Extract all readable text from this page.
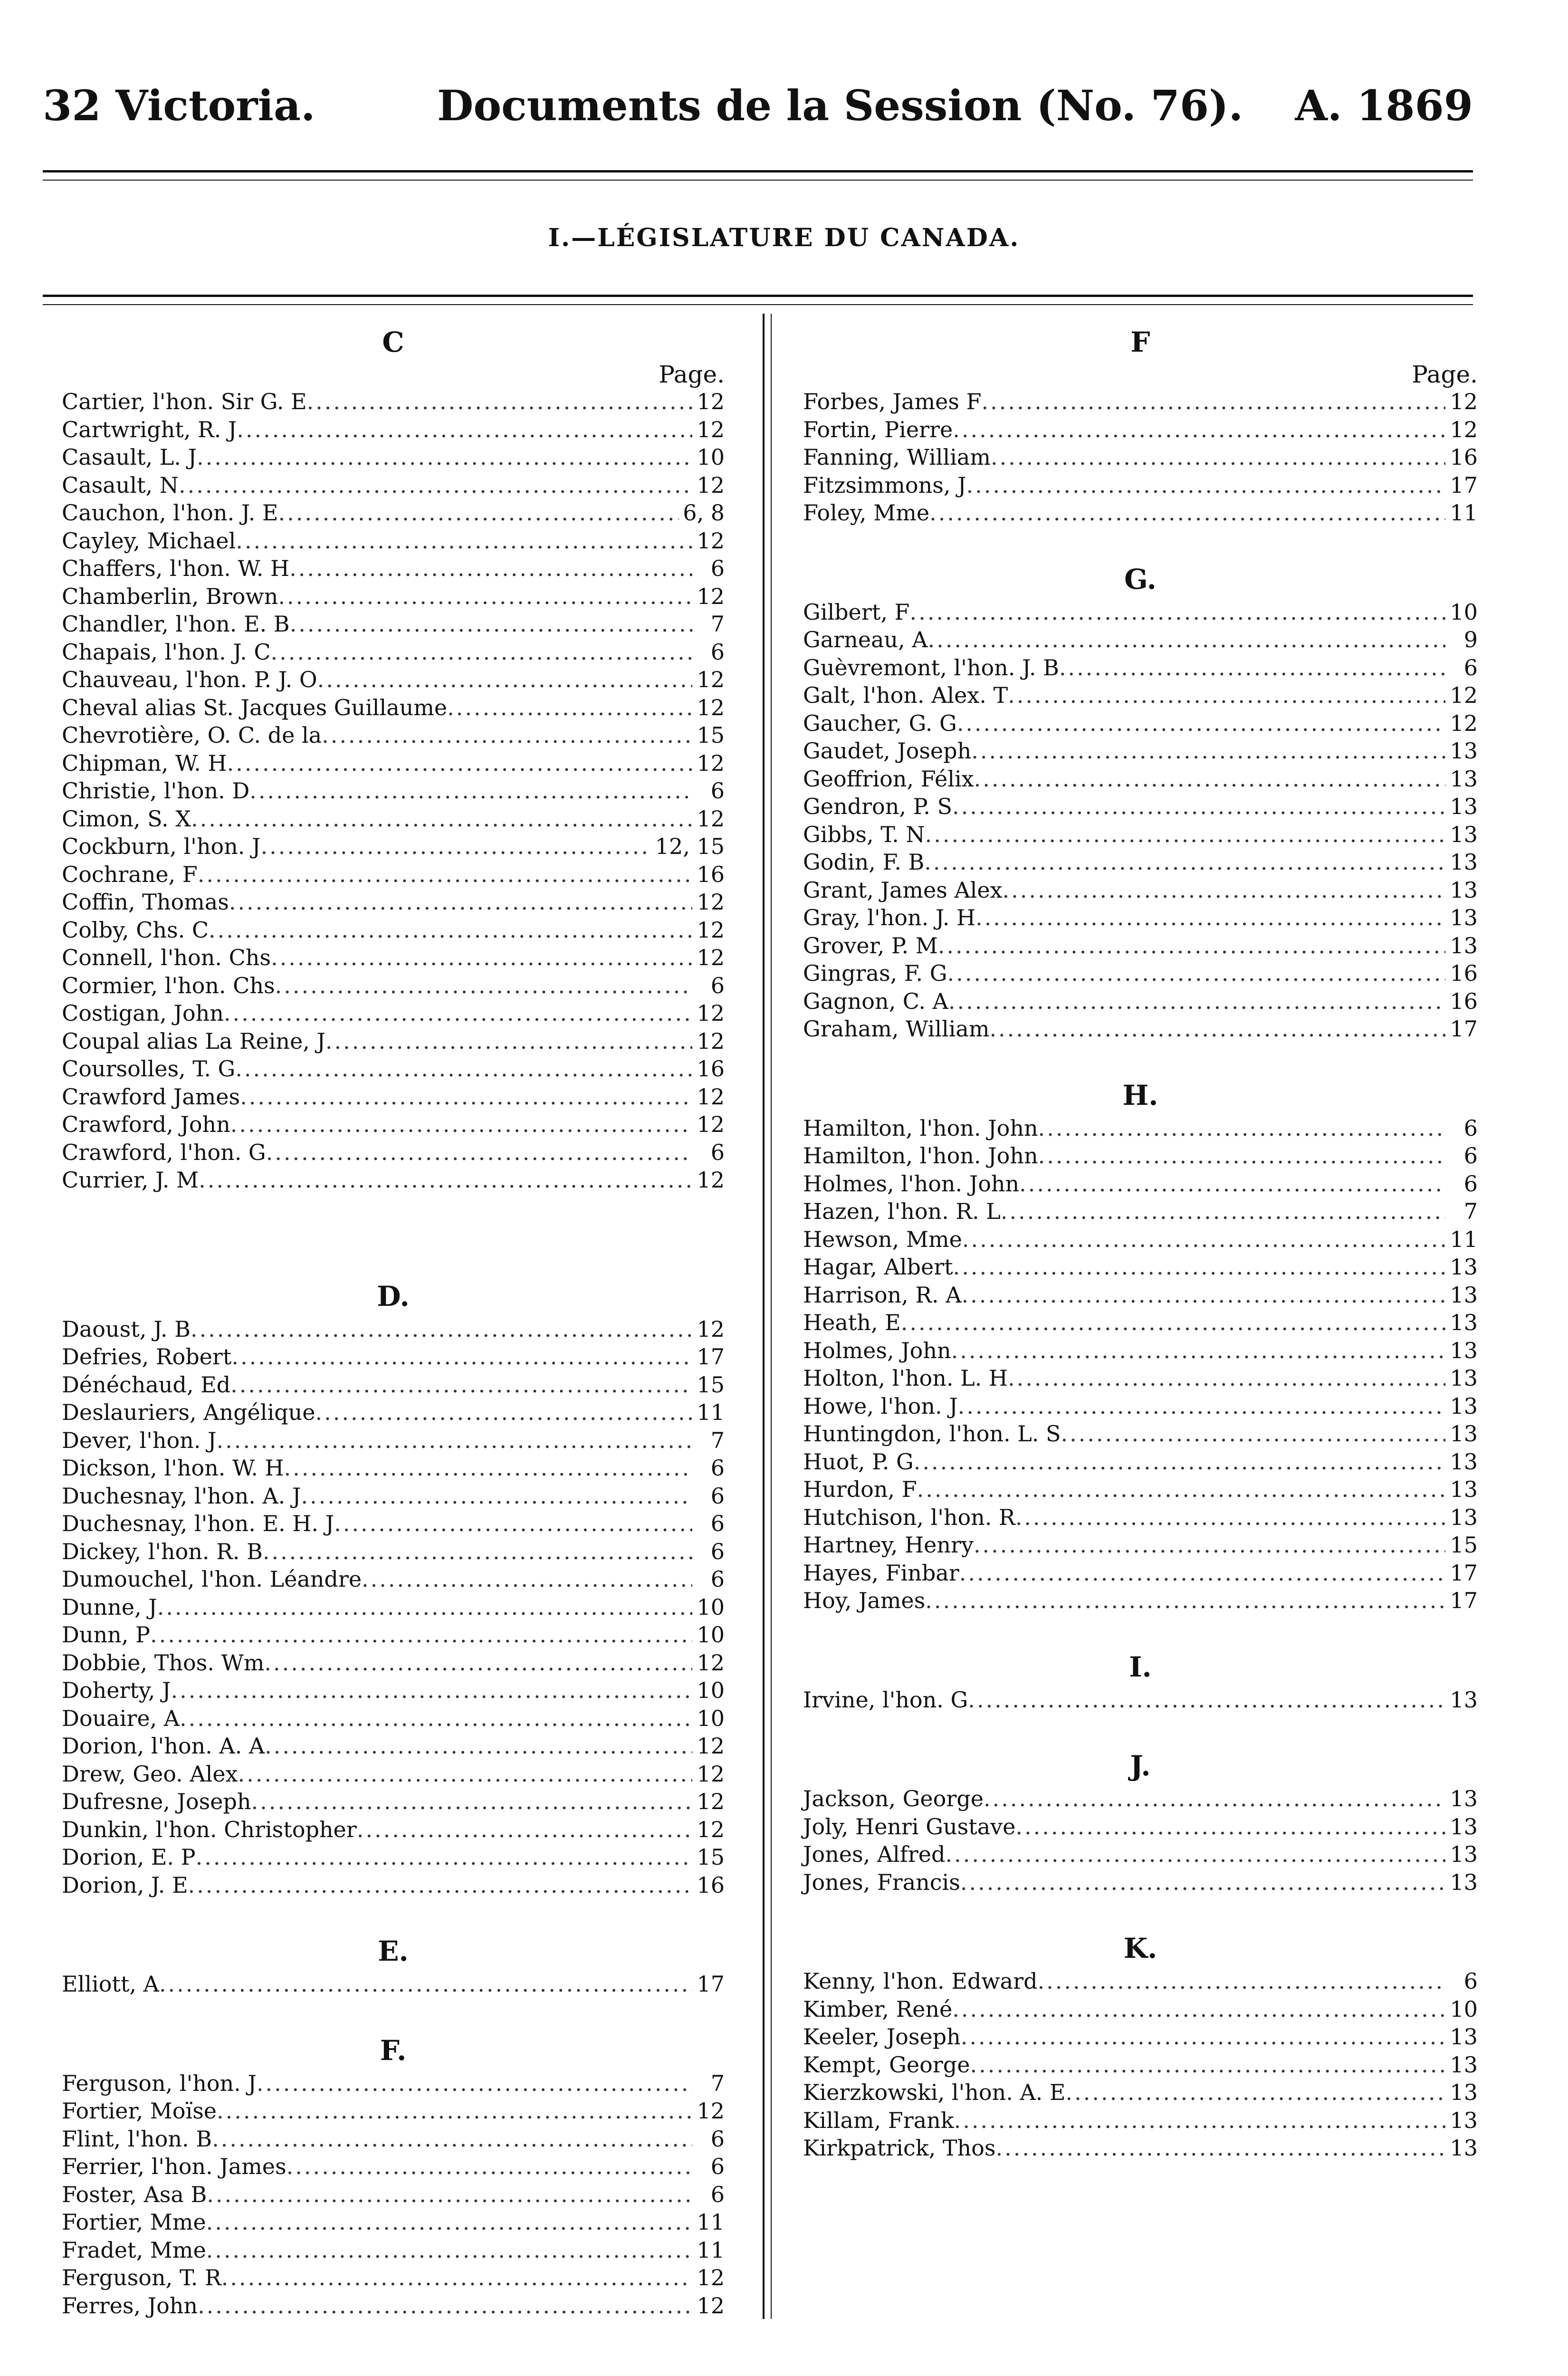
32 Victoria.	Documents de la Session (No. 76). A. 1869
I.—LÉGISLATURE DU CANADA.
C
Page.
Cartier, l'hon. Sir G. E .....	12
Cartwright, R. J .....	12
Casault, L. J .....	10
Casault, N .....	12
Cauchon, l'hon. J. E .....	6, 8
Cayley, Michael .....	12
Chaffers, l'hon. W. H .....	6
Chamberlin, Brown .....	12
Chandler, l'hon. E. B .....	7
Chapais, l'hon. J. C .....	6
Chauveau, l'hon. P. J. O .....	12
Cheval alias St. Jacques Guillaume .....	12
Chevrotière, O. C. de la .....	15
Chipman, W. H .....	12
Christie, l'hon. D .....	6
Cimon, S. X .....	12
Cockburn, l'hon. J .....	12, 15
Cochrane, F .....	16
Coffin, Thomas .....	12
Colby, Chs. C .....	12
Connell, l'hon. Chs .....	12
Cormier, l'hon. Chs .....	6
Costigan, John .....	12
Coupal alias La Reine, J .....	12
Coursolles, T. G .....	16
Crawford James .....	12
Crawford, John .....	12
Crawford, l'hon. G .....	6
Currier, J. M .....	12
D.
Daoust, J. B .....	12
Defries, Robert .....	17
Dénéchaud, Ed .....	15
Deslauriers, Angélique .....	11
Dever, l'hon. J .....	7
Dickson, l'hon. W. H .....	6
Duchesnay, l'hon. A. J .....	6
Duchesnay, l'hon. E. H. J .....	6
Dickey, l'hon. R. B .....	6
Dumouchel, l'hon. Léandre .....	6
Dunne, J .....	10
Dunn, P .....	10
Dobbie, Thos. Wm .....	12
Doherty, J .....	10
Douaire, A .....	10
Dorion, l'hon. A. A .....	12
Drew, Geo. Alex .....	12
Dufresne, Joseph .....	12
Dunkin, l'hon. Christopher .....	12
Dorion, E. P .....	15
Dorion, J. E .....	16
E.
Elliott, A .....	17
F.
Ferguson, l'hon. J .....	7
Fortier, Moïse .....	12
Flint, l'hon. B .....	6
Ferrier, l'hon. James .....	6
Foster, Asa B .....	6
Fortier, Mme .....	11
Fradet, Mme .....	11
Ferguson, T. R .....	12
Ferres, John .....	12
F
Page.
Forbes, James F .....	12
Fortin, Pierre .....	12
Fanning, William .....	16
Fitzsimmons, J .....	17
Foley, Mme .....	11
G.
Gilbert, F .....	10
Garneau, A .....	9
Guèvremont, l'hon. J. B .....	6
Galt, l'hon. Alex. T .....	12
Gaucher, G. G .....	12
Gaudet, Joseph .....	13
Geoffrion, Félix .....	13
Gendron, P. S .....	13
Gibbs, T. N .....	13
Godin, F. B .....	13
Grant, James Alex .....	13
Gray, l'hon. J. H .....	13
Grover, P. M .....	13
Gingras, F. G .....	16
Gagnon, C. A .....	16
Graham, William .....	17
H.
Hamilton, l'hon. John .....	6
Hamilton, l'hon. John .....	6
Holmes, l'hon. John .....	6
Hazen, l'hon. R. L .....	7
Hewson, Mme .....	11
Hagar, Albert .....	13
Harrison, R. A .....	13
Heath, E .....	13
Holmes, John .....	13
Holton, l'hon. L. H .....	13
Howe, l'hon. J .....	13
Huntingdon, l'hon. L. S .....	13
Huot, P. G .....	13
Hurdon, F .....	13
Hutchison, l'hon. R .....	13
Hartney, Henry .....	15
Hayes, Finbar .....	17
Hoy, James .....	17
I.
Irvine, l'hon. G .....	13
J.
Jackson, George .....	13
Joly, Henri Gustave .....	13
Jones, Alfred .....	13
Jones, Francis .....	13
K.
Kenny, l'hon. Edward .....	6
Kimber, René .....	10
Keeler, Joseph .....	13
Kempt, George .....	13
Kierzkowski, l'hon. A. E .....	13
Killam, Frank .....	13
Kirkpatrick, Thos .....	13
